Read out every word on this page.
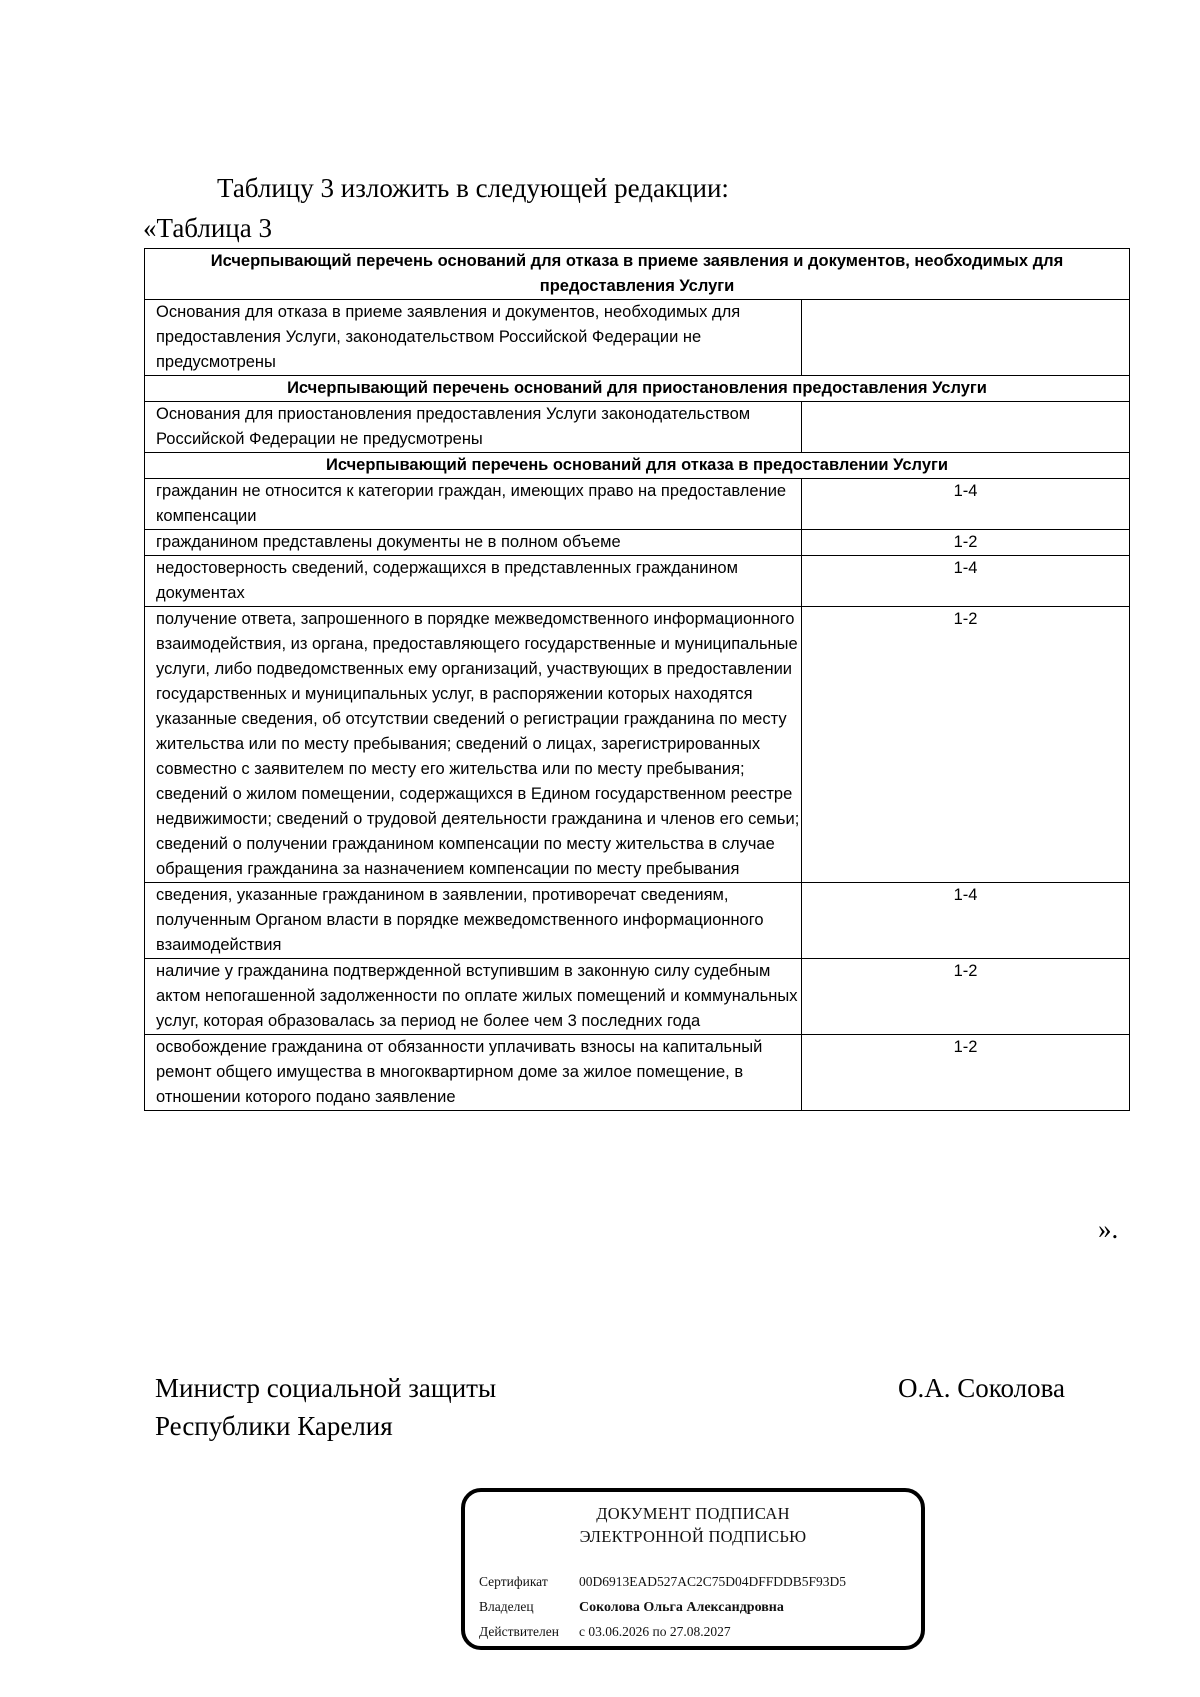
Таблицу 3 изложить в следующей редакции:
«Таблица 3
Исчерпывающий перечень оснований для отказа в приеме заявления и документов, необходимых для предоставления Услуги	
Основания для отказа в приеме заявления и документов, необходимых для предоставления Услуги, законодательством Российской Федерации не предусмотрены	
Исчерпывающий перечень оснований для приостановления предоставления Услуги	
Основания для приостановления предоставления Услуги законодательством Российской Федерации не предусмотрены	
Исчерпывающий перечень оснований для отказа в предоставлении Услуги	
гражданин не относится к категории граждан, имеющих право на предоставление компенсации	1-4
гражданином представлены документы не в полном объеме	1-2
недостоверность сведений, содержащихся в представленных гражданином документах	1-4
получение ответа, запрошенного в порядке межведомственного информационного взаимодействия, из органа, предоставляющего государственные и муниципальные услуги, либо подведомственных ему организаций, участвующих в предоставлении государственных и муниципальных услуг, в распоряжении которых находятся указанные сведения, об отсутствии сведений о регистрации гражданина по месту жительства или по месту пребывания; сведений о лицах, зарегистрированных совместно с заявителем по месту его жительства или по месту пребывания; сведений о жилом помещении, содержащихся в Едином государственном реестре недвижимости; сведений о трудовой деятельности гражданина и членов его семьи; сведений о получении гражданином компенсации по месту жительства в случае обращения гражданина за назначением компенсации по месту пребывания	1-2
сведения, указанные гражданином в заявлении, противоречат сведениям, полученным Органом власти в порядке межведомственного информационного взаимодействия	1-4
наличие у гражданина подтвержденной вступившим в законную силу судебным актом непогашенной задолженности по оплате жилых помещений и коммунальных услуг, которая образовалась за период не более чем 3 последних года	1-2
освобождение гражданина от обязанности уплачивать взносы на капитальный ремонт общего имущества в многоквартирном доме за жилое помещение, в отношении которого подано заявление	1-2
».
Министр социальной защиты
Республики Карелия
О.А. Соколова
ДОКУМЕНТ ПОДПИСАН
ЭЛЕКТРОННОЙ ПОДПИСЬЮ
Сертификат 00D6913EAD527AC2C75D04DFFDDB5F93D5
Владелец	Соколова Ольга Александровна
Действителен с 03.06.2026 по 27.08.2027
